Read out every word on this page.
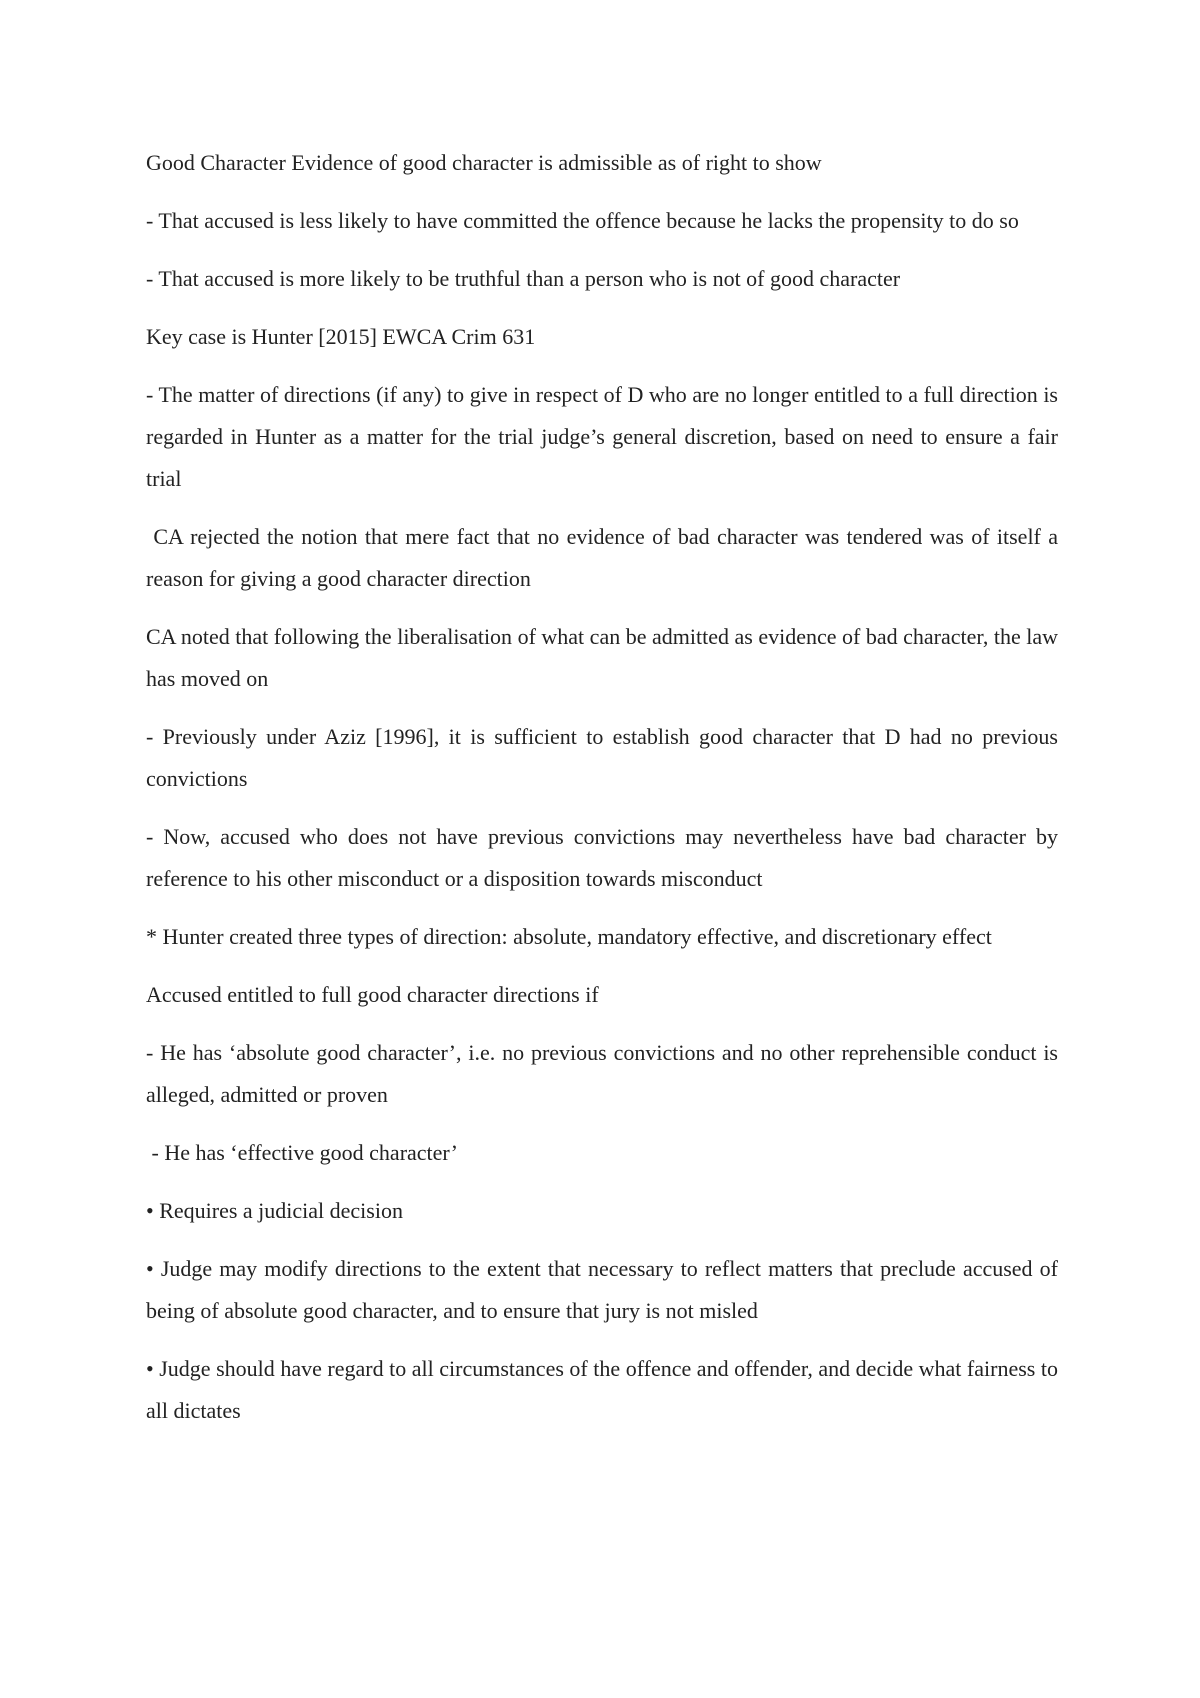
Good Character Evidence of good character is admissible as of right to show

- That accused is less likely to have committed the offence because he lacks the propensity to do so

- That accused is more likely to be truthful than a person who is not of good character

Key case is Hunter [2015] EWCA Crim 631

- The matter of directions (if any) to give in respect of D who are no longer entitled to a full direction is regarded in Hunter as a matter for the trial judge’s general discretion, based on need to ensure a fair trial

CA rejected the notion that mere fact that no evidence of bad character was tendered was of itself a reason for giving a good character direction

CA noted that following the liberalisation of what can be admitted as evidence of bad character, the law has moved on

- Previously under Aziz [1996], it is sufficient to establish good character that D had no previous convictions

- Now, accused who does not have previous convictions may nevertheless have bad character by reference to his other misconduct or a disposition towards misconduct

* Hunter created three types of direction: absolute, mandatory effective, and discretionary effect

Accused entitled to full good character directions if

- He has ‘absolute good character’, i.e. no previous convictions and no other reprehensible conduct is alleged, admitted or proven

- He has ‘effective good character’

• Requires a judicial decision

• Judge may modify directions to the extent that necessary to reflect matters that preclude accused of being of absolute good character, and to ensure that jury is not misled

• Judge should have regard to all circumstances of the offence and offender, and decide what fairness to all dictates
